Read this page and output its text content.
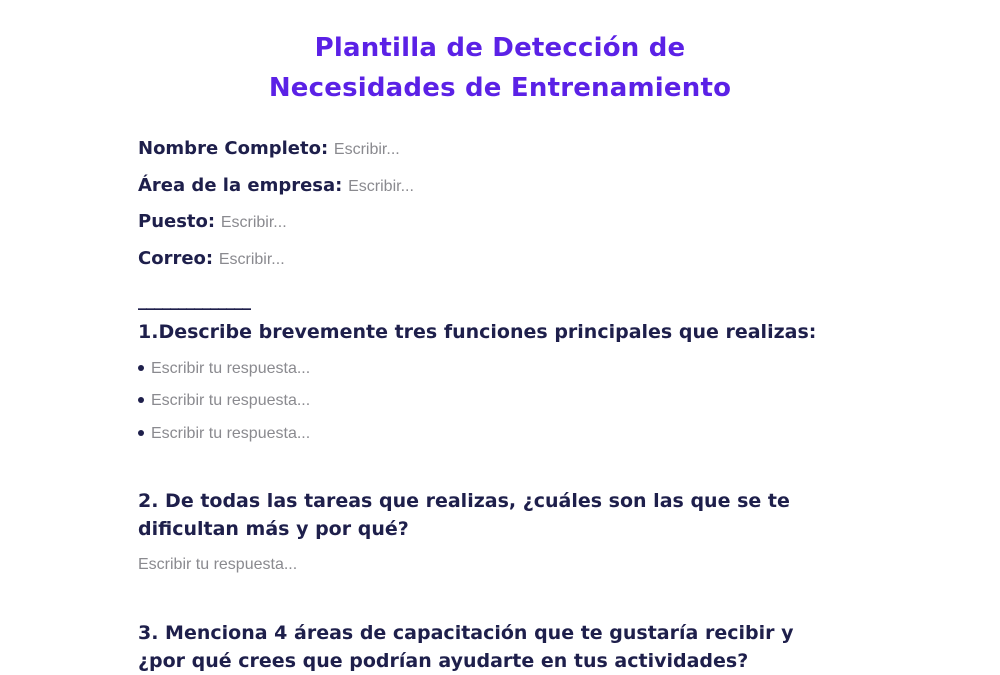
Plantilla de Detección de
Necesidades de Entrenamiento
Nombre Completo: Escribir...
Área de la empresa: Escribir...
Puesto: Escribir...
Correo: Escribir...
______________
1.Describe brevemente tres funciones principales que realizas:
Escribir tu respuesta...
Escribir tu respuesta...
Escribir tu respuesta...
2. De todas las tareas que realizas, ¿cuáles son las que se te dificultan más y por qué?
Escribir tu respuesta...
3. Menciona 4 áreas de capacitación que te gustaría recibir y ¿por qué crees que podrían ayudarte en tus actividades?
